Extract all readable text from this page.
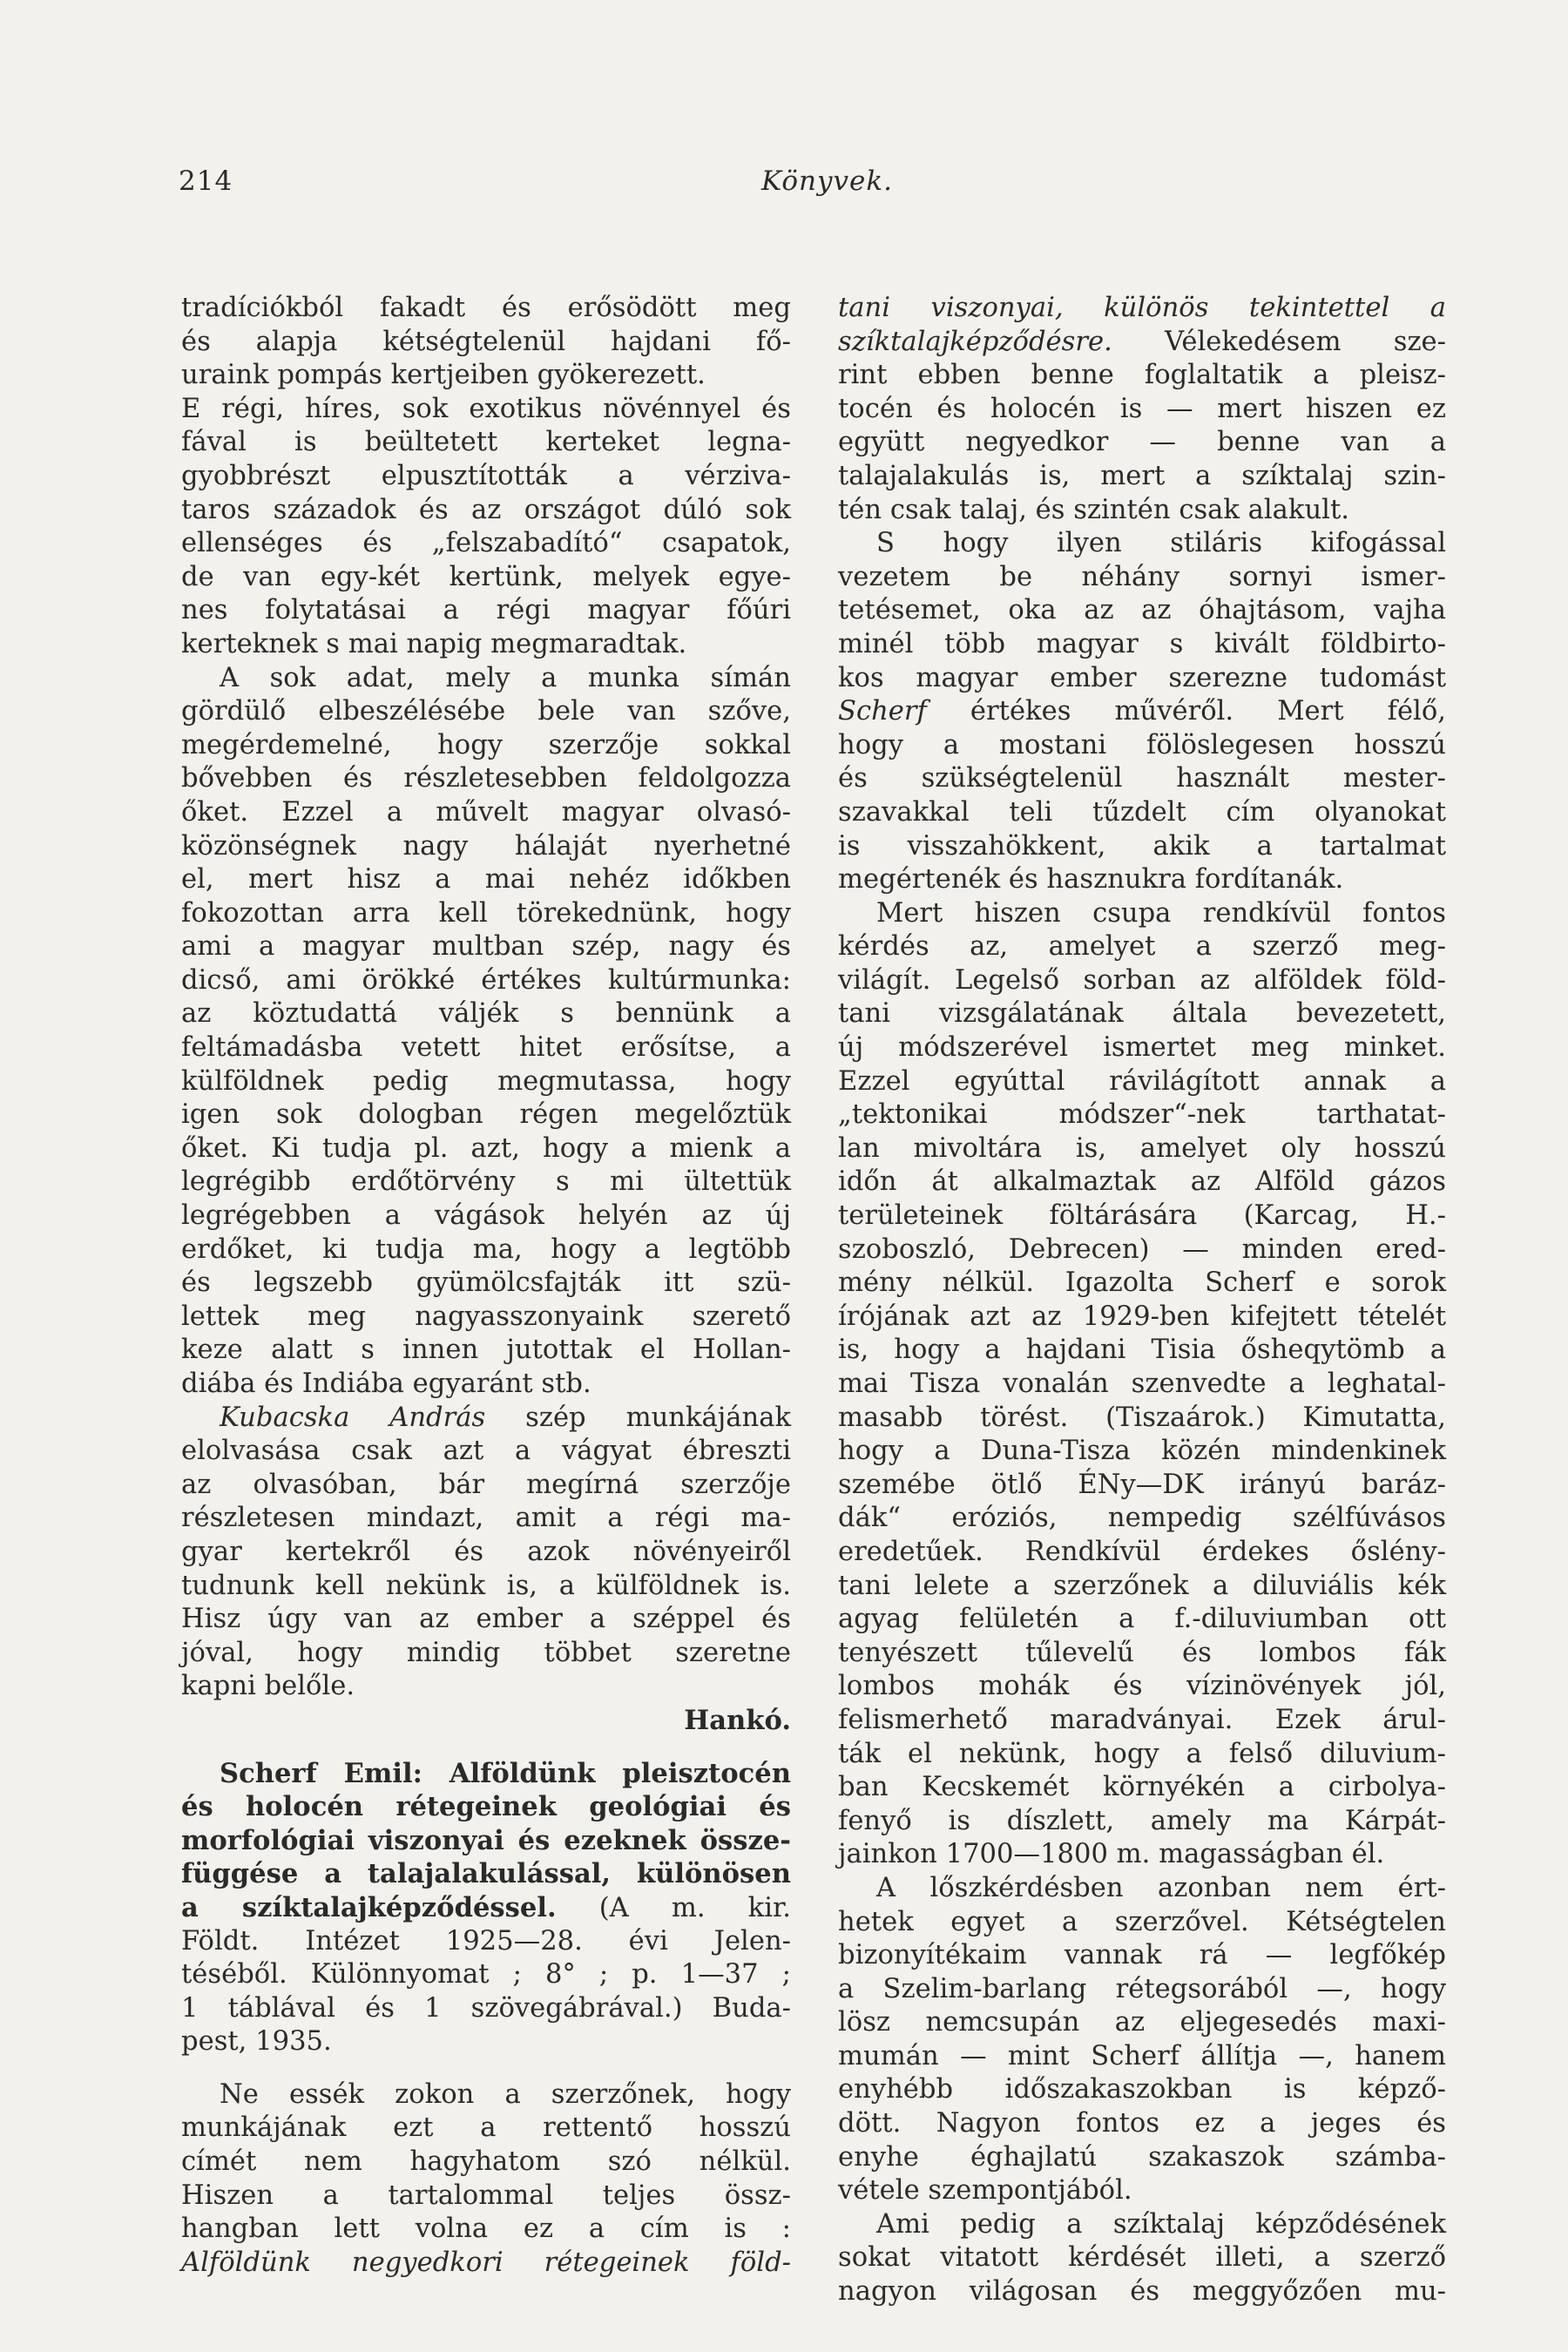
214	Könyvek.
tradíciókból fakadt és erősödött meg
és alapja kétségtelenül hajdani fő-
uraink pompás kertjeiben gyökerezett.
E régi, híres, sok exotikus növénnyel és
fával is beültetett kerteket legna-
gyobbrészt elpusztították a vérziva-
taros századok és az országot dúló sok
ellenséges és „felszabadító“ csapatok,
de van egy-két kertünk, melyek egye-
nes folytatásai a régi magyar főúri
kerteknek s mai napig megmaradtak.
A sok adat, mely a munka símán
gördülő elbeszélésébe bele van szőve,
megérdemelné, hogy szerzője sokkal
bővebben és részletesebben feldolgozza
őket. Ezzel a művelt magyar olvasó-
közönségnek nagy hálaját nyerhetné
el, mert hisz a mai nehéz időkben
fokozottan arra kell törekednünk, hogy
ami a magyar multban szép, nagy és
dicső, ami örökké értékes kultúrmunka:
az köztudattá váljék s bennünk a
feltámadásba vetett hitet erősítse, a
külföldnek pedig megmutassa, hogy
igen sok dologban régen megelőztük
őket. Ki tudja pl. azt, hogy a mienk a
legrégibb erdőtörvény s mi ültettük
legrégebben a vágások helyén az új
erdőket, ki tudja ma, hogy a legtöbb
és legszebb gyümölcsfajták itt szü-
lettek meg nagyasszonyaink szerető
keze alatt s innen jutottak el Hollan-
diába és Indiába egyaránt stb.
Kubacska András szép munkájának
elolvasása csak azt a vágyat ébreszti
az olvasóban, bár megírná szerzője
részletesen mindazt, amit a régi ma-
gyar kertekről és azok növényeiről
tudnunk kell nekünk is, a külföldnek is.
Hisz úgy van az ember a széppel és
jóval, hogy mindig többet szeretne
kapni belőle.
Hankó.
Scherf Emil: Alföldünk pleisztocén
és holocén rétegeinek geológiai és
morfológiai viszonyai és ezeknek össze-
függése a talajalakulással, különösen
a szíktalajképződéssel. (A m. kir.
Földt. Intézet 1925—28. évi Jelen-
téséből. Különnyomat ; 8° ; p. 1—37 ;
1 táblával és 1 szövegábrával.) Buda-
pest, 1935.
Ne essék zokon a szerzőnek, hogy
munkájának ezt a rettentő hosszú
címét nem hagyhatom szó nélkül.
Hiszen a tartalommal teljes össz-
hangban lett volna ez a cím is :
Alföldünk negyedkori rétegeinek föld-
tani viszonyai, különös tekintettel a
szíktalajképződésre. Vélekedésem sze-
rint ebben benne foglaltatik a pleisz-
tocén és holocén is — mert hiszen ez
együtt negyedkor — benne van a
talajalakulás is, mert a szíktalaj szin-
tén csak talaj, és szintén csak alakult.
S hogy ilyen stiláris kifogással
vezetem be néhány sornyi ismer-
tetésemet, oka az az óhajtásom, vajha
minél több magyar s kivált földbirto-
kos magyar ember szerezne tudomást
Scherf értékes művéről. Mert félő,
hogy a mostani fölöslegesen hosszú
és szükségtelenül használt mester-
szavakkal teli tűzdelt cím olyanokat
is visszahökkent, akik a tartalmat
megértenék és hasznukra fordítanák.
Mert hiszen csupa rendkívül fontos
kérdés az, amelyet a szerző meg-
világít. Legelső sorban az alföldek föld-
tani vizsgálatának általa bevezetett,
új módszerével ismertet meg minket.
Ezzel egyúttal rávilágított annak a
„tektonikai módszer“-nek tarthatat-
lan mivoltára is, amelyet oly hosszú
időn át alkalmaztak az Alföld gázos
területeinek föltárására (Karcag, H.-
szoboszló, Debrecen) — minden ered-
mény nélkül. Igazolta Scherf e sorok
írójának azt az 1929-ben kifejtett tételét
is, hogy a hajdani Tisia ősheqytömb a
mai Tisza vonalán szenvedte a leghatal-
masabb törést. (Tiszaárok.) Kimutatta,
hogy a Duna-Tisza közén mindenkinek
szemébe ötlő ÉNy—DK irányú baráz-
dák“ eróziós, nempedig szélfúvásos
eredetűek. Rendkívül érdekes őslény-
tani lelete a szerzőnek a diluviális kék
agyag felületén a f.-diluviumban ott
tenyészett tűlevelű és lombos fák
lombos mohák és vízinövények jól,
felismerhető maradványai. Ezek árul-
ták el nekünk, hogy a felső diluvium-
ban Kecskemét környékén a cirbolya-
fenyő is díszlett, amely ma Kárpát-
jainkon 1700—1800 m. magasságban él.
A lőszkérdésben azonban nem ért-
hetek egyet a szerzővel. Kétségtelen
bizonyítékaim vannak rá — legfőkép
a Szelim-barlang rétegsorából —, hogy
lösz nemcsupán az eljegesedés maxi-
mumán — mint Scherf állítja —, hanem
enyhébb időszakaszokban is képző-
dött. Nagyon fontos ez a jeges és
enyhe éghajlatú szakaszok számba-
vétele szempontjából.
Ami pedig a szíktalaj képződésének
sokat vitatott kérdését illeti, a szerző
nagyon világosan és meggyőzően mu-
